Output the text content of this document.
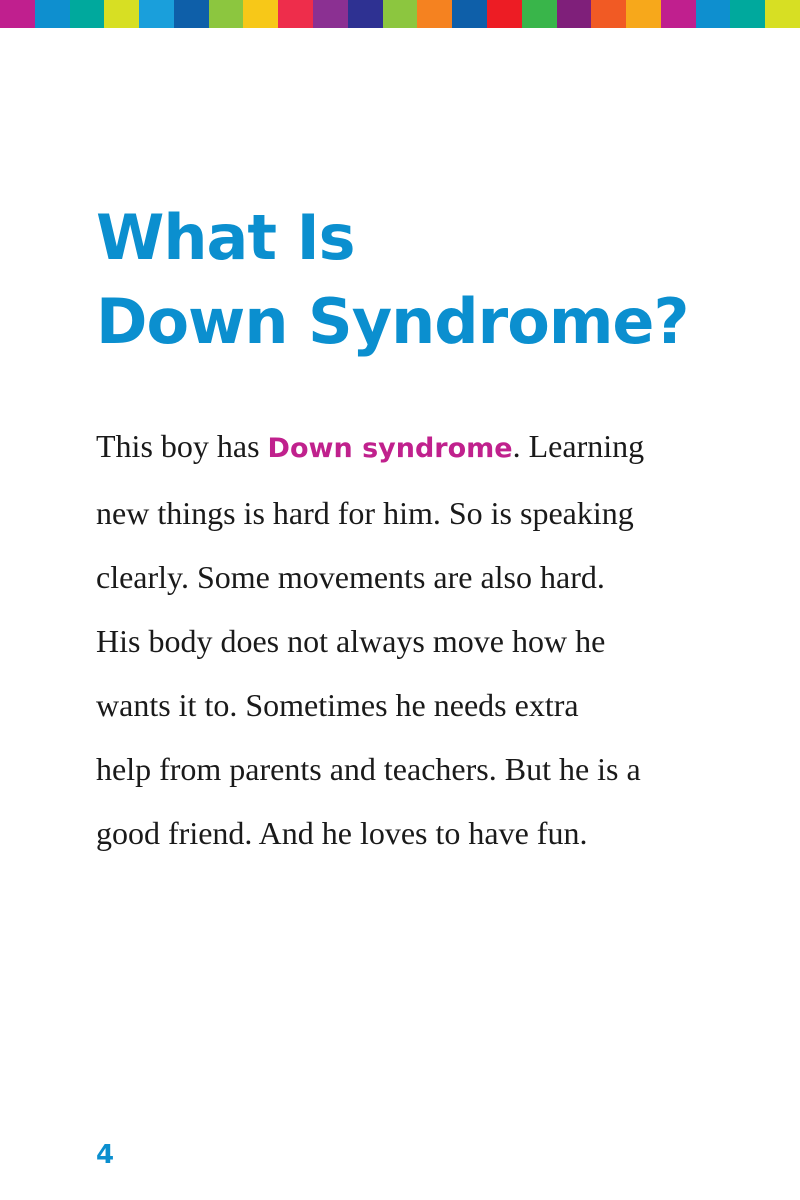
What Is
Down Syndrome?

This boy has Down syndrome. Learning
new things is hard for him. So is speaking
clearly. Some movements are also hard.
His body does not always move how he
wants it to. Sometimes he needs extra
help from parents and teachers. But he is a
good friend. And he loves to have fun.

4
